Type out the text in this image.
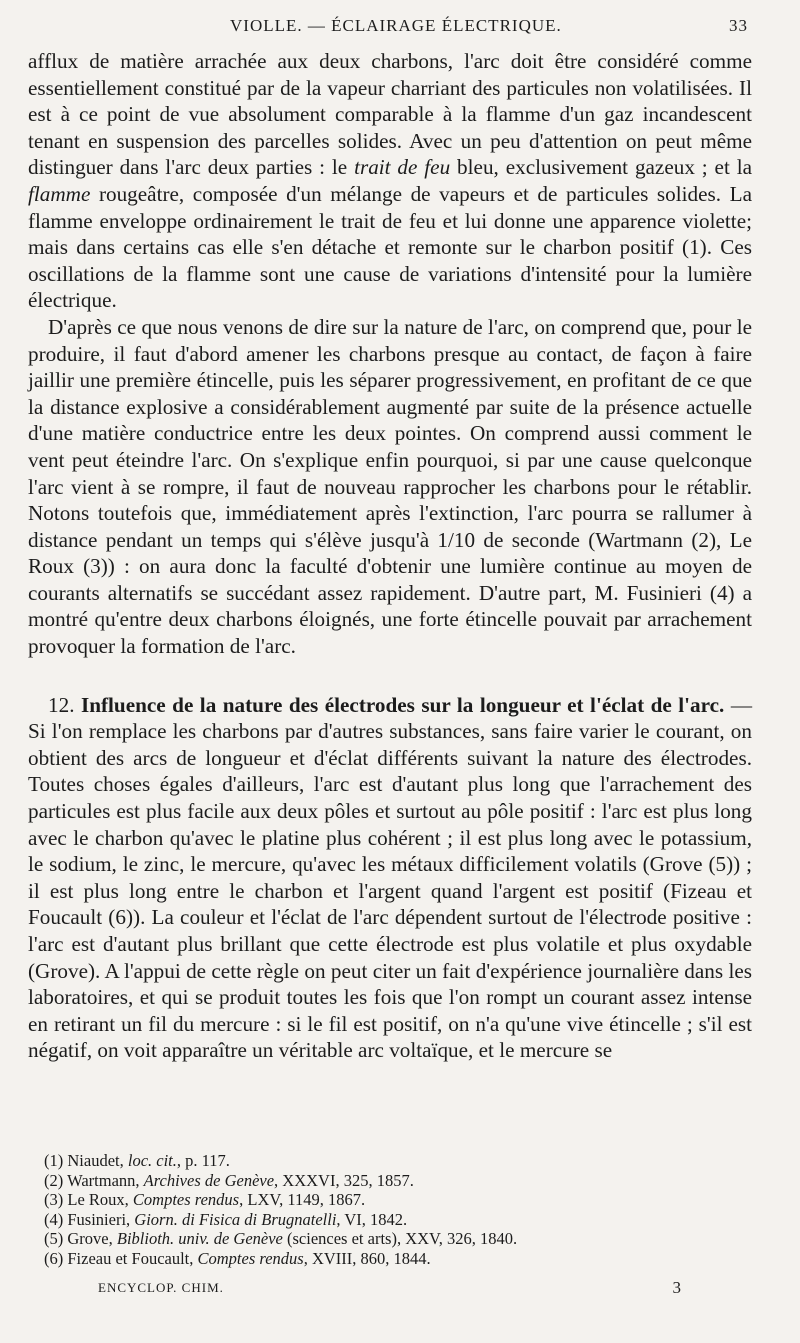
VIOLLE. — ÉCLAIRAGE ÉLECTRIQUE.	33

afflux de matière arrachée aux deux charbons, l'arc doit être considéré comme essentiellement constitué par de la vapeur charriant des particules non volatilisées. Il est à ce point de vue absolument comparable à la flamme d'un gaz incandescent tenant en suspension des parcelles solides. Avec un peu d'attention on peut même distinguer dans l'arc deux parties : le trait de feu bleu, exclusivement gazeux ; et la flamme rougeâtre, composée d'un mélange de vapeurs et de particules solides. La flamme enveloppe ordinairement le trait de feu et lui donne une apparence violette; mais dans certains cas elle s'en détache et remonte sur le charbon positif (1). Ces oscillations de la flamme sont une cause de variations d'intensité pour la lumière électrique.

D'après ce que nous venons de dire sur la nature de l'arc, on comprend que, pour le produire, il faut d'abord amener les charbons presque au contact, de façon à faire jaillir une première étincelle, puis les séparer progressivement, en profitant de ce que la distance explosive a considérablement augmenté par suite de la présence actuelle d'une matière conductrice entre les deux pointes. On comprend aussi comment le vent peut éteindre l'arc. On s'explique enfin pourquoi, si par une cause quelconque l'arc vient à se rompre, il faut de nouveau rapprocher les charbons pour le rétablir. Notons toutefois que, immédiatement après l'extinction, l'arc pourra se rallumer à distance pendant un temps qui s'élève jusqu'à 1/10 de seconde (Wartmann (2), Le Roux (3)) : on aura donc la faculté d'obtenir une lumière continue au moyen de courants alternatifs se succédant assez rapidement. D'autre part, M. Fusinieri (4) a montré qu'entre deux charbons éloignés, une forte étincelle pouvait par arrachement provoquer la formation de l'arc.

12. Influence de la nature des électrodes sur la longueur et l'éclat de l'arc. — Si l'on remplace les charbons par d'autres substances, sans faire varier le courant, on obtient des arcs de longueur et d'éclat différents suivant la nature des électrodes. Toutes choses égales d'ailleurs, l'arc est d'autant plus long que l'arrachement des particules est plus facile aux deux pôles et surtout au pôle positif : l'arc est plus long avec le charbon qu'avec le platine plus cohérent ; il est plus long avec le potassium, le sodium, le zinc, le mercure, qu'avec les métaux difficilement volatils (Grove (5)) ; il est plus long entre le charbon et l'argent quand l'argent est positif (Fizeau et Foucault (6)). La couleur et l'éclat de l'arc dépendent surtout de l'électrode positive : l'arc est d'autant plus brillant que cette électrode est plus volatile et plus oxydable (Grove). A l'appui de cette règle on peut citer un fait d'expérience journalière dans les laboratoires, et qui se produit toutes les fois que l'on rompt un courant assez intense en retirant un fil du mercure : si le fil est positif, on n'a qu'une vive étincelle ; s'il est négatif, on voit apparaître un véritable arc voltaïque, et le mercure se

(1) Niaudet, loc. cit., p. 117.
(2) Wartmann, Archives de Genève, XXXVI, 325, 1857.
(3) Le Roux, Comptes rendus, LXV, 1149, 1867.
(4) Fusinieri, Giorn. di Fisica di Brugnatelli, VI, 1842.
(5) Grove, Biblioth. univ. de Genève (sciences et arts), XXV, 326, 1840.
(6) Fizeau et Foucault, Comptes rendus, XVIII, 860, 1844.
ENCYCLOP. CHIM.	3
